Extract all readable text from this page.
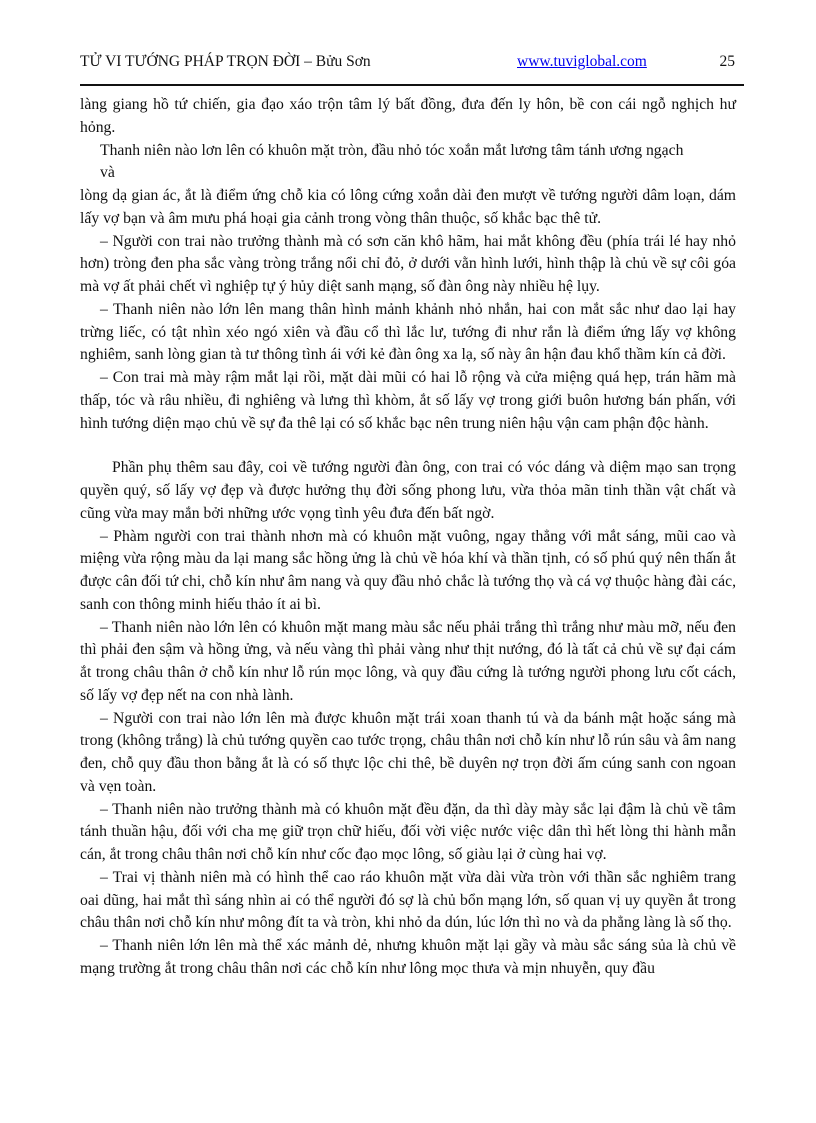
TỬ VI TƯỚNG PHÁP TRỌN ĐỜI – Bửu Sơn	www.tuviglobal.com	25

làng giang hồ tứ chiến, gia đạo xáo trộn tâm lý bất đồng, đưa đến ly hôn, bề con cái ngỗ nghịch hư hỏng.

Thanh niên nào lơn lên có khuôn mặt tròn, đầu nhỏ tóc xoắn mắt lương tâm tánh ương ngạch
và

lòng dạ gian ác, ắt là điểm ứng chỗ kia có lông cứng xoắn dài đen mượt về tướng người dâm loạn, dám lấy vợ bạn và âm mưu phá hoại gia cảnh trong vòng thân thuộc, số khắc bạc thê tử.

– Người con trai nào trưởng thành mà có sơn căn khô hãm, hai mắt không đều (phía trái lé hay nhỏ hơn) tròng đen pha sắc vàng tròng trắng nổi chỉ đỏ, ở dưới vằn hình lưới, hình thập là chủ về sự côi góa mà vợ ất phải chết vì nghiệp tự ý hủy diệt sanh mạng, số đàn ông này nhiều hệ lụy.

– Thanh niên nào lớn lên mang thân hình mảnh khảnh nhỏ nhắn, hai con mắt sắc như dao lại hay trừng liếc, có tật nhìn xéo ngó xiên và đầu cổ thì lắc lư, tướng đi như rắn là điểm ứng lấy vợ không nghiêm, sanh lòng gian tà tư thông tình ái với kẻ đàn ông xa lạ, số này ân hận đau khổ thầm kín cả đời.

– Con trai mà mày rậm mắt lại rồi, mặt dài mũi có hai lỗ rộng và cửa miệng quá hẹp, trán hãm mà thấp, tóc và râu nhiều, đi nghiêng và lưng thì khòm, ắt số lấy vợ trong giới buôn hương bán phấn, với hình tướng diện mạo chủ về sự đa thê lại có số khắc bạc nên trung niên hậu vận cam phận độc hành.

Phần phụ thêm sau đây, coi về tướng người đàn ông, con trai có vóc dáng và diệm mạo san trọng quyền quý, số lấy vợ đẹp và được hưởng thụ đời sống phong lưu, vừa thỏa mãn tinh thần vật chất và cũng vừa may mắn bởi những ước vọng tình yêu đưa đến bất ngờ.

– Phàm người con trai thành nhơn mà có khuôn mặt vuông, ngay thẳng với mắt sáng, mũi cao và miệng vừa rộng màu da lại mang sắc hồng ửng là chủ về hóa khí và thần tịnh, có số phú quý nên thấn ắt được cân đối tứ chi, chỗ kín như âm nang và quy đầu nhỏ chắc là tướng thọ và cá vợ thuộc hàng đài các, sanh con thông minh hiếu thảo ít ai bì.

– Thanh niên nào lớn lên có khuôn mặt mang màu sắc nếu phải trắng thì trắng như màu mỡ, nếu đen thì phải đen sậm và hồng ửng, và nếu vàng thì phải vàng như thịt nướng, đó là tất cả chủ về sự đại cám ắt trong châu thân ở chỗ kín như lỗ rún mọc lông, và quy đầu cứng là tướng người phong lưu cốt cách, số lấy vợ đẹp nết na con nhà lành.

– Người con trai nào lớn lên mà được khuôn mặt trái xoan thanh tú và da bánh mật hoặc sáng mà trong (không trắng) là chủ tướng quyền cao tước trọng, châu thân nơi chỗ kín như lỗ rún sâu và âm nang đen, chỗ quy đầu thon bằng ắt là có số thực lộc chi thê, bề duyên nợ trọn đời ấm cúng sanh con ngoan và vẹn toàn.

– Thanh niên nào trưởng thành mà có khuôn mặt đều đặn, da thì dày mày sắc lại đậm là chủ về tâm tánh thuần hậu, đối với cha mẹ giữ trọn chữ hiếu, đối vời việc nước việc dân thì hết lòng thi hành mẫn cán, ắt trong châu thân nơi chỗ kín như cốc đạo mọc lông, số giàu lại ở cùng hai vợ.

– Trai vị thành niên mà có hình thể cao ráo khuôn mặt vừa dài vừa tròn với thần sắc nghiêm trang oai dũng, hai mắt thì sáng nhìn ai có thể người đó sợ là chủ bổn mạng lớn, số quan vị uy quyền ắt trong châu thân nơi chỗ kín như mông đít ta và tròn, khi nhỏ da dún, lúc lớn thì no và da phẳng làng là số thọ.

– Thanh niên lớn lên mà thể xác mảnh dẻ, nhưng khuôn mặt lại gầy và màu sắc sáng sủa là chủ về mạng trường ắt trong châu thân nơi các chỗ kín như lông mọc thưa và mịn nhuyễn, quy đầu
